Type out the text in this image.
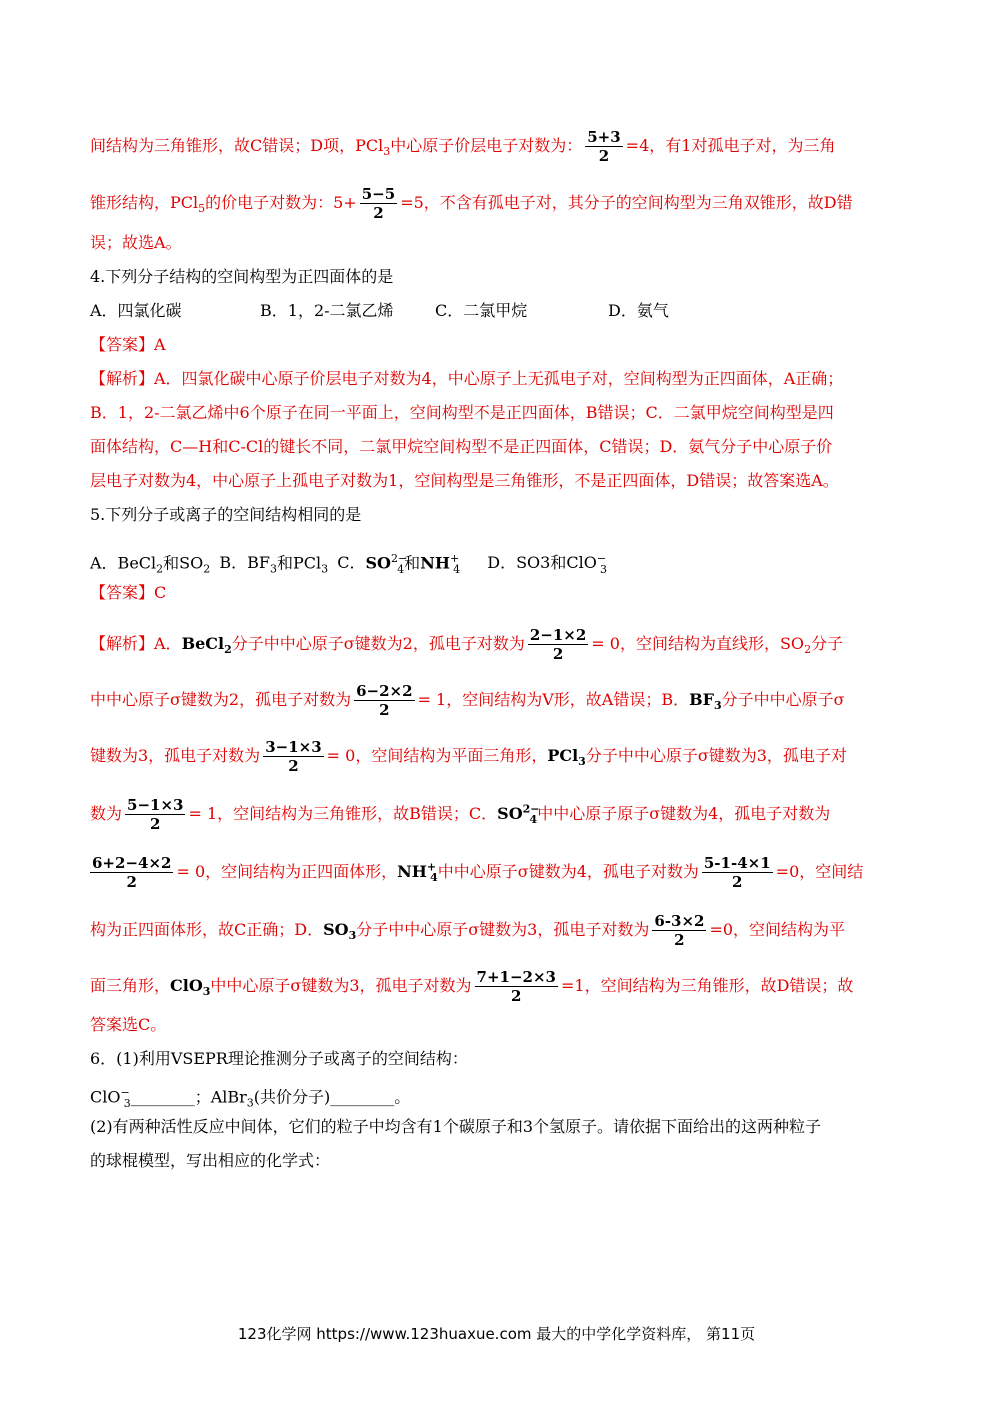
间结构为三角锥形，故C错误；D项，PCl$_3$中心原子价层电子对数为： $\frac{5+3}{2} =4$，有1对孤电子对，为三角
锥形结构，PCl$_5$的价电子对数为：$5+ \frac{5-5}{2} =5$，不含有孤电子对，其分子的空间构型为三角双锥形，故D错
误；故选A。
4.下列分子结构的空间构型为正四面体的是
A．四氯化碳	B．1，2-二氯乙烯	C．二氯甲烷	D．氨气
【答案】A
【解析】A．四氯化碳中心原子价层电子对数为4，中心原子上无孤电子对，空间构型为正四面体，A正确；
B．1，2-二氯乙烯中6个原子在同一平面上，空间构型不是正四面体，B错误；C．二氯甲烷空间构型是四
面体结构，C—H和C-Cl的键长不同，二氯甲烷空间构型不是正四面体，C错误；D．氨气分子中心原子价
层电子对数为4，中心原子上孤电子对数为1，空间构型是三角锥形，不是正四面体，D错误；故答案选A。
5.下列分子或离子的空间结构相同的是
A．BeCl$_2$和$SO_2$ B．$BF_3$和PCl$_3$ C．$SO^{2-}_4$和$NH^+_4$ D．SO3和ClO−$_3$
【答案】C
【解析】A．BeCl$_2$分子中中心原子σ键数为2，孤电子对数为 $\frac{2-1\times 2}{2} = 0$，空间结构为直线形，$SO_2$分子
中中心原子σ键数为2，孤电子对数为 $\frac{6-2\times 2}{2} = 1$，空间结构为V形，故A错误；B．$BF_3$分子中中心原子σ
键数为3，孤电子对数为 $\frac{3-1\times 3}{2} = 0$，空间结构为平面三角形，PCl$_3$分子中中心原子σ键数为3，孤电子对
数为 $\frac{5-1\times 3}{2} = 1$，空间结构为三角锥形，故B错误；C．$SO^{2-}_4$中中心原子原子σ键数为4，孤电子对数为
$\frac{6+2-4\times 2}{2} = 0$，空间结构为正四面体形，$NH^+_4$中中心原子σ键数为4，孤电子对数为 $\frac{5-1-4\times 1}{2} =0$，空间结
构为正四面体形，故C正确；D．$SO_3$分子中中心原子σ键数为3，孤电子对数为 $\frac{6-3\times 2}{2} =0$，空间结构为平
面三角形，ClO$_3$中中心原子σ键数为3，孤电子对数为 $\frac{7+1-2\times 3}{2} =1$，空间结构为三角锥形，故D错误；故
答案选C。
6．(1)利用VSEPR理论推测分子或离子的空间结构：
ClO−$_3$________；AlBr$_3$(共价分子)________。
(2)有两种活性反应中间体，它们的粒子中均含有1个碳原子和3个氢原子。请依据下面给出的这两种粒子
的球棍模型，写出相应的化学式：
123化学网 https://www.123huaxue.com 最大的中学化学资料库， 第11页
